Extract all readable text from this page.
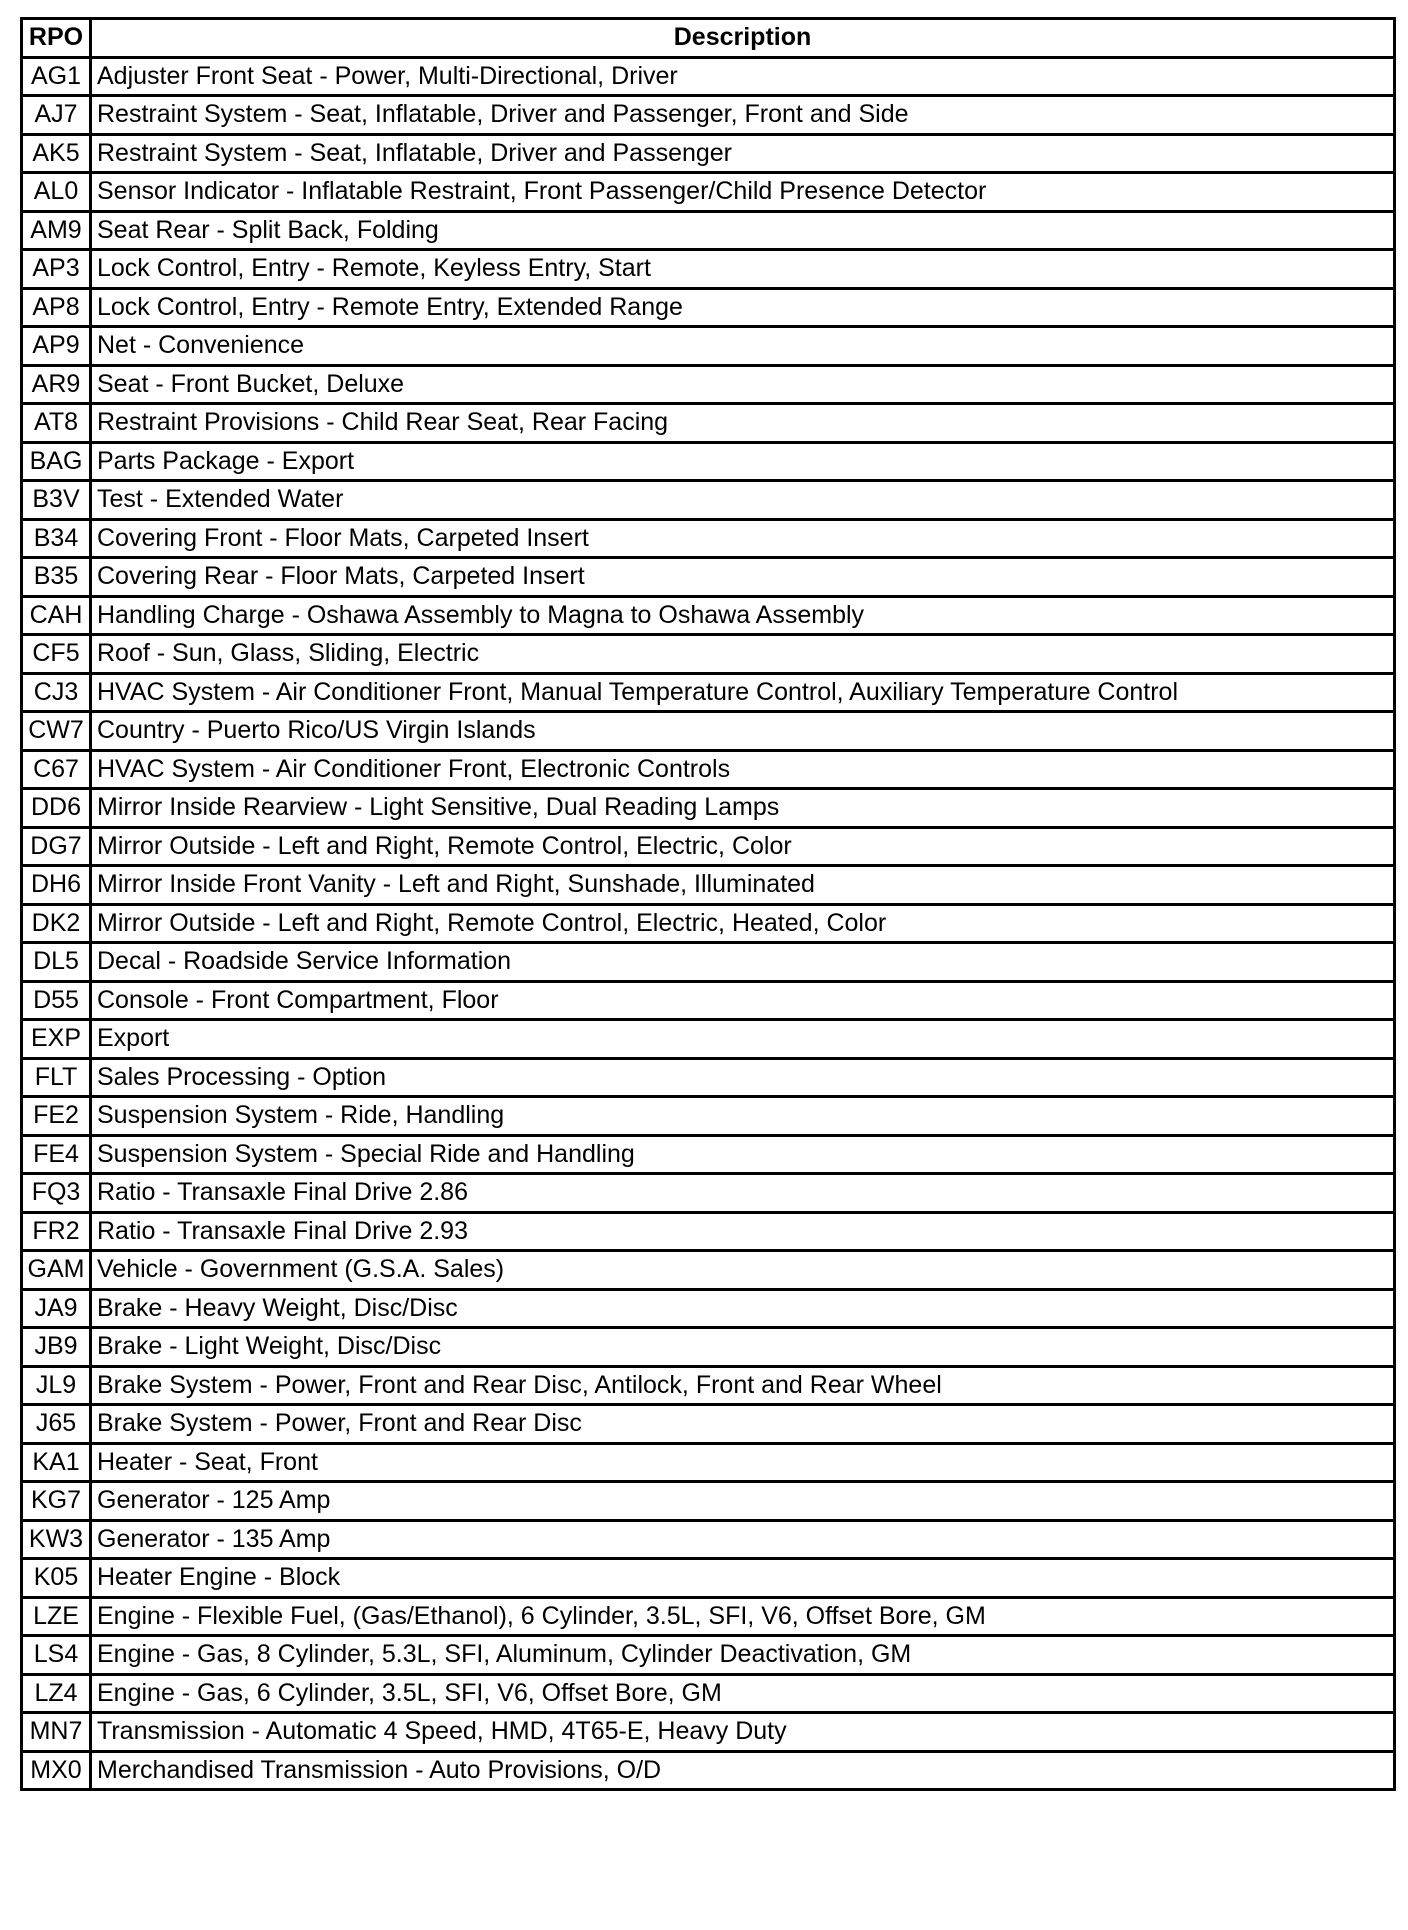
RPO	Description
AG1	Adjuster Front Seat - Power, Multi-Directional, Driver
AJ7	Restraint System - Seat, Inflatable, Driver and Passenger, Front and Side
AK5	Restraint System - Seat, Inflatable, Driver and Passenger
AL0	Sensor Indicator - Inflatable Restraint, Front Passenger/Child Presence Detector
AM9	Seat Rear - Split Back, Folding
AP3	Lock Control, Entry - Remote, Keyless Entry, Start
AP8	Lock Control, Entry - Remote Entry, Extended Range
AP9	Net - Convenience
AR9	Seat - Front Bucket, Deluxe
AT8	Restraint Provisions - Child Rear Seat, Rear Facing
BAG	Parts Package - Export
B3V	Test - Extended Water
B34	Covering Front - Floor Mats, Carpeted Insert
B35	Covering Rear - Floor Mats, Carpeted Insert
CAH	Handling Charge - Oshawa Assembly to Magna to Oshawa Assembly
CF5	Roof - Sun, Glass, Sliding, Electric
CJ3	HVAC System - Air Conditioner Front, Manual Temperature Control, Auxiliary Temperature Control
CW7	Country - Puerto Rico/US Virgin Islands
C67	HVAC System - Air Conditioner Front, Electronic Controls
DD6	Mirror Inside Rearview - Light Sensitive, Dual Reading Lamps
DG7	Mirror Outside - Left and Right, Remote Control, Electric, Color
DH6	Mirror Inside Front Vanity - Left and Right, Sunshade, Illuminated
DK2	Mirror Outside - Left and Right, Remote Control, Electric, Heated, Color
DL5	Decal - Roadside Service Information
D55	Console - Front Compartment, Floor
EXP	Export
FLT	Sales Processing - Option
FE2	Suspension System - Ride, Handling
FE4	Suspension System - Special Ride and Handling
FQ3	Ratio - Transaxle Final Drive 2.86
FR2	Ratio - Transaxle Final Drive 2.93
GAM	Vehicle - Government (G.S.A. Sales)
JA9	Brake - Heavy Weight, Disc/Disc
JB9	Brake - Light Weight, Disc/Disc
JL9	Brake System - Power, Front and Rear Disc, Antilock, Front and Rear Wheel
J65	Brake System - Power, Front and Rear Disc
KA1	Heater - Seat, Front
KG7	Generator - 125 Amp
KW3	Generator - 135 Amp
K05	Heater Engine - Block
LZE	Engine - Flexible Fuel, (Gas/Ethanol), 6 Cylinder, 3.5L, SFI, V6, Offset Bore, GM
LS4	Engine - Gas, 8 Cylinder, 5.3L, SFI, Aluminum, Cylinder Deactivation, GM
LZ4	Engine - Gas, 6 Cylinder, 3.5L, SFI, V6, Offset Bore, GM
MN7	Transmission - Automatic 4 Speed, HMD, 4T65-E, Heavy Duty
MX0	Merchandised Transmission - Auto Provisions, O/D
